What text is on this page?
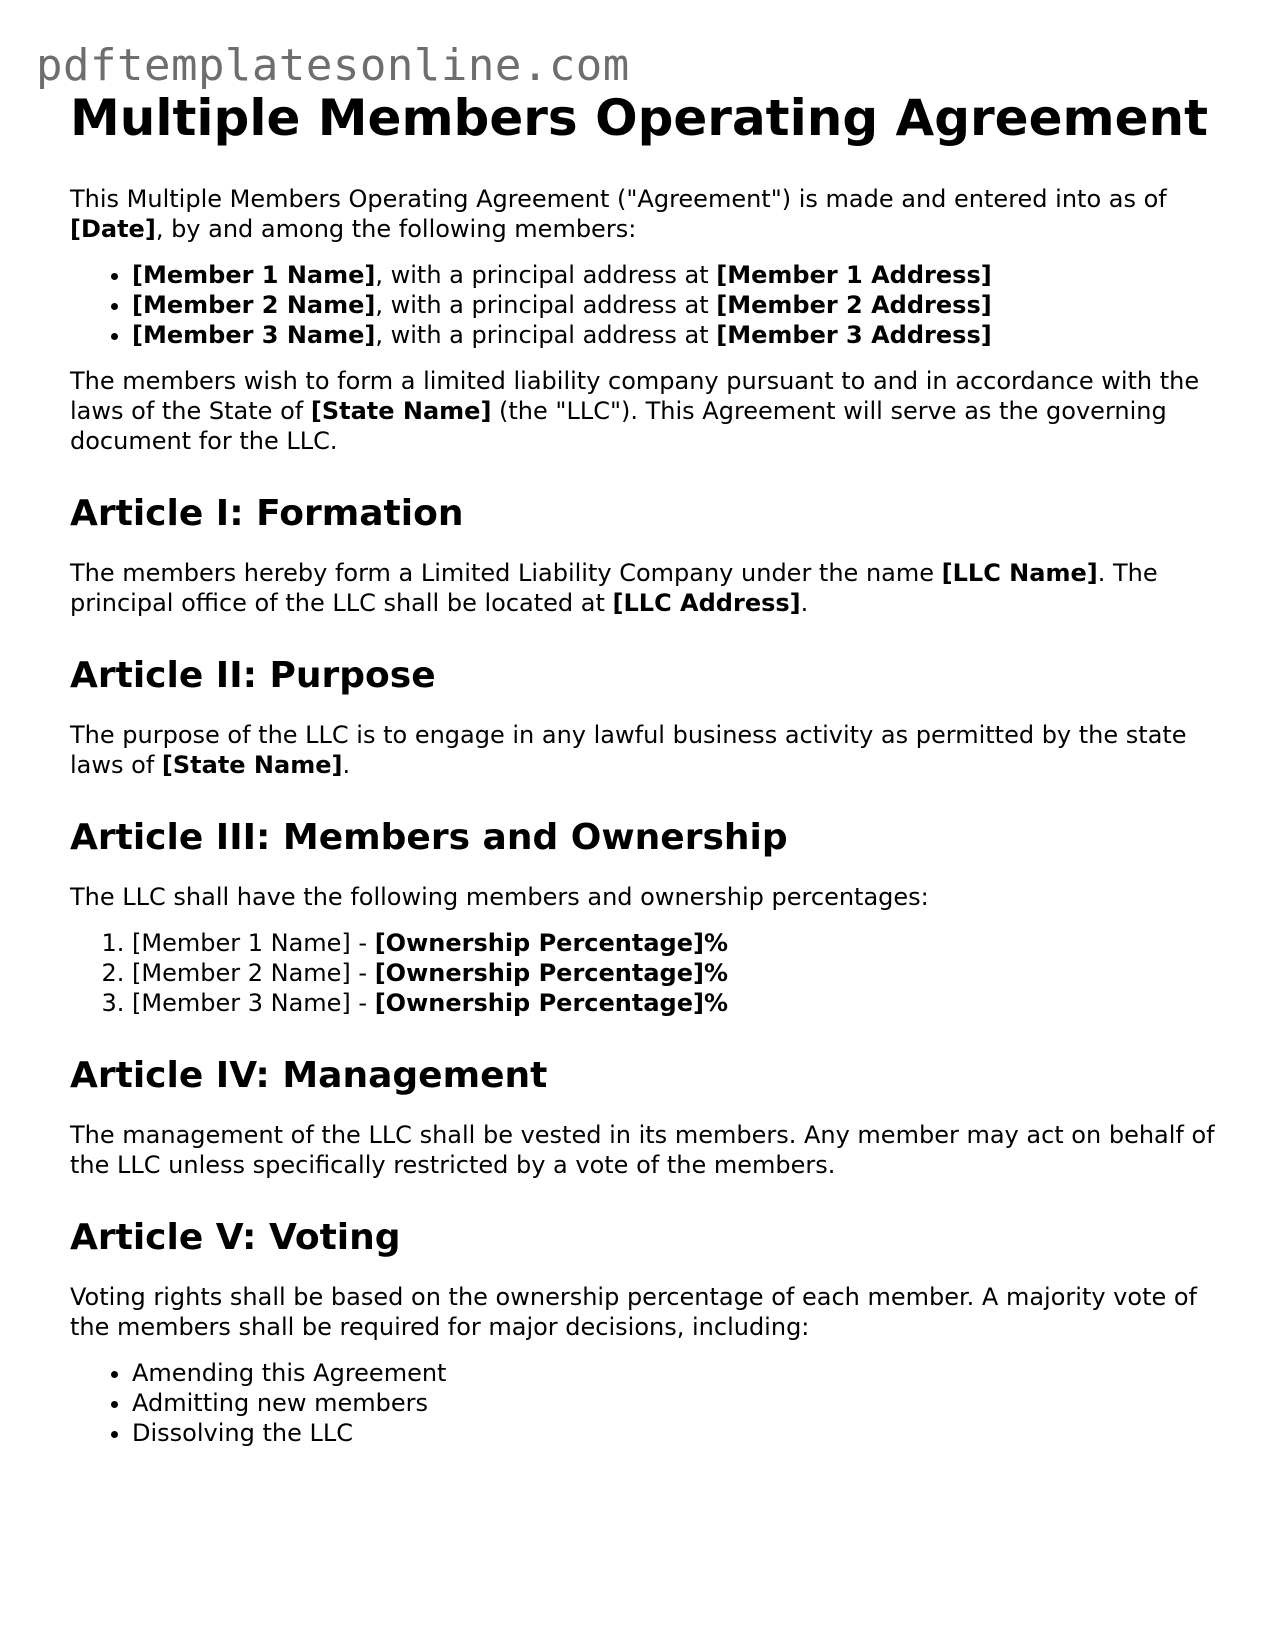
pdftemplatesonline.com
Multiple Members Operating Agreement

This Multiple Members Operating Agreement ("Agreement") is made and entered into as of [Date], by and among the following members:

• [Member 1 Name], with a principal address at [Member 1 Address]
• [Member 2 Name], with a principal address at [Member 2 Address]
• [Member 3 Name], with a principal address at [Member 3 Address]

The members wish to form a limited liability company pursuant to and in accordance with the laws of the State of [State Name] (the "LLC"). This Agreement will serve as the governing document for the LLC.

Article I: Formation

The members hereby form a Limited Liability Company under the name [LLC Name]. The principal office of the LLC shall be located at [LLC Address].

Article II: Purpose

The purpose of the LLC is to engage in any lawful business activity as permitted by the state laws of [State Name].

Article III: Members and Ownership

The LLC shall have the following members and ownership percentages:

1. [Member 1 Name] - [Ownership Percentage]%
2. [Member 2 Name] - [Ownership Percentage]%
3. [Member 3 Name] - [Ownership Percentage]%
Article IV: Management

The management of the LLC shall be vested in its members. Any member may act on behalf of the LLC unless specifically restricted by a vote of the members.

Article V: Voting

Voting rights shall be based on the ownership percentage of each member. A majority vote of the members shall be required for major decisions, including:

• Amending this Agreement
• Admitting new members
• Dissolving the LLC
